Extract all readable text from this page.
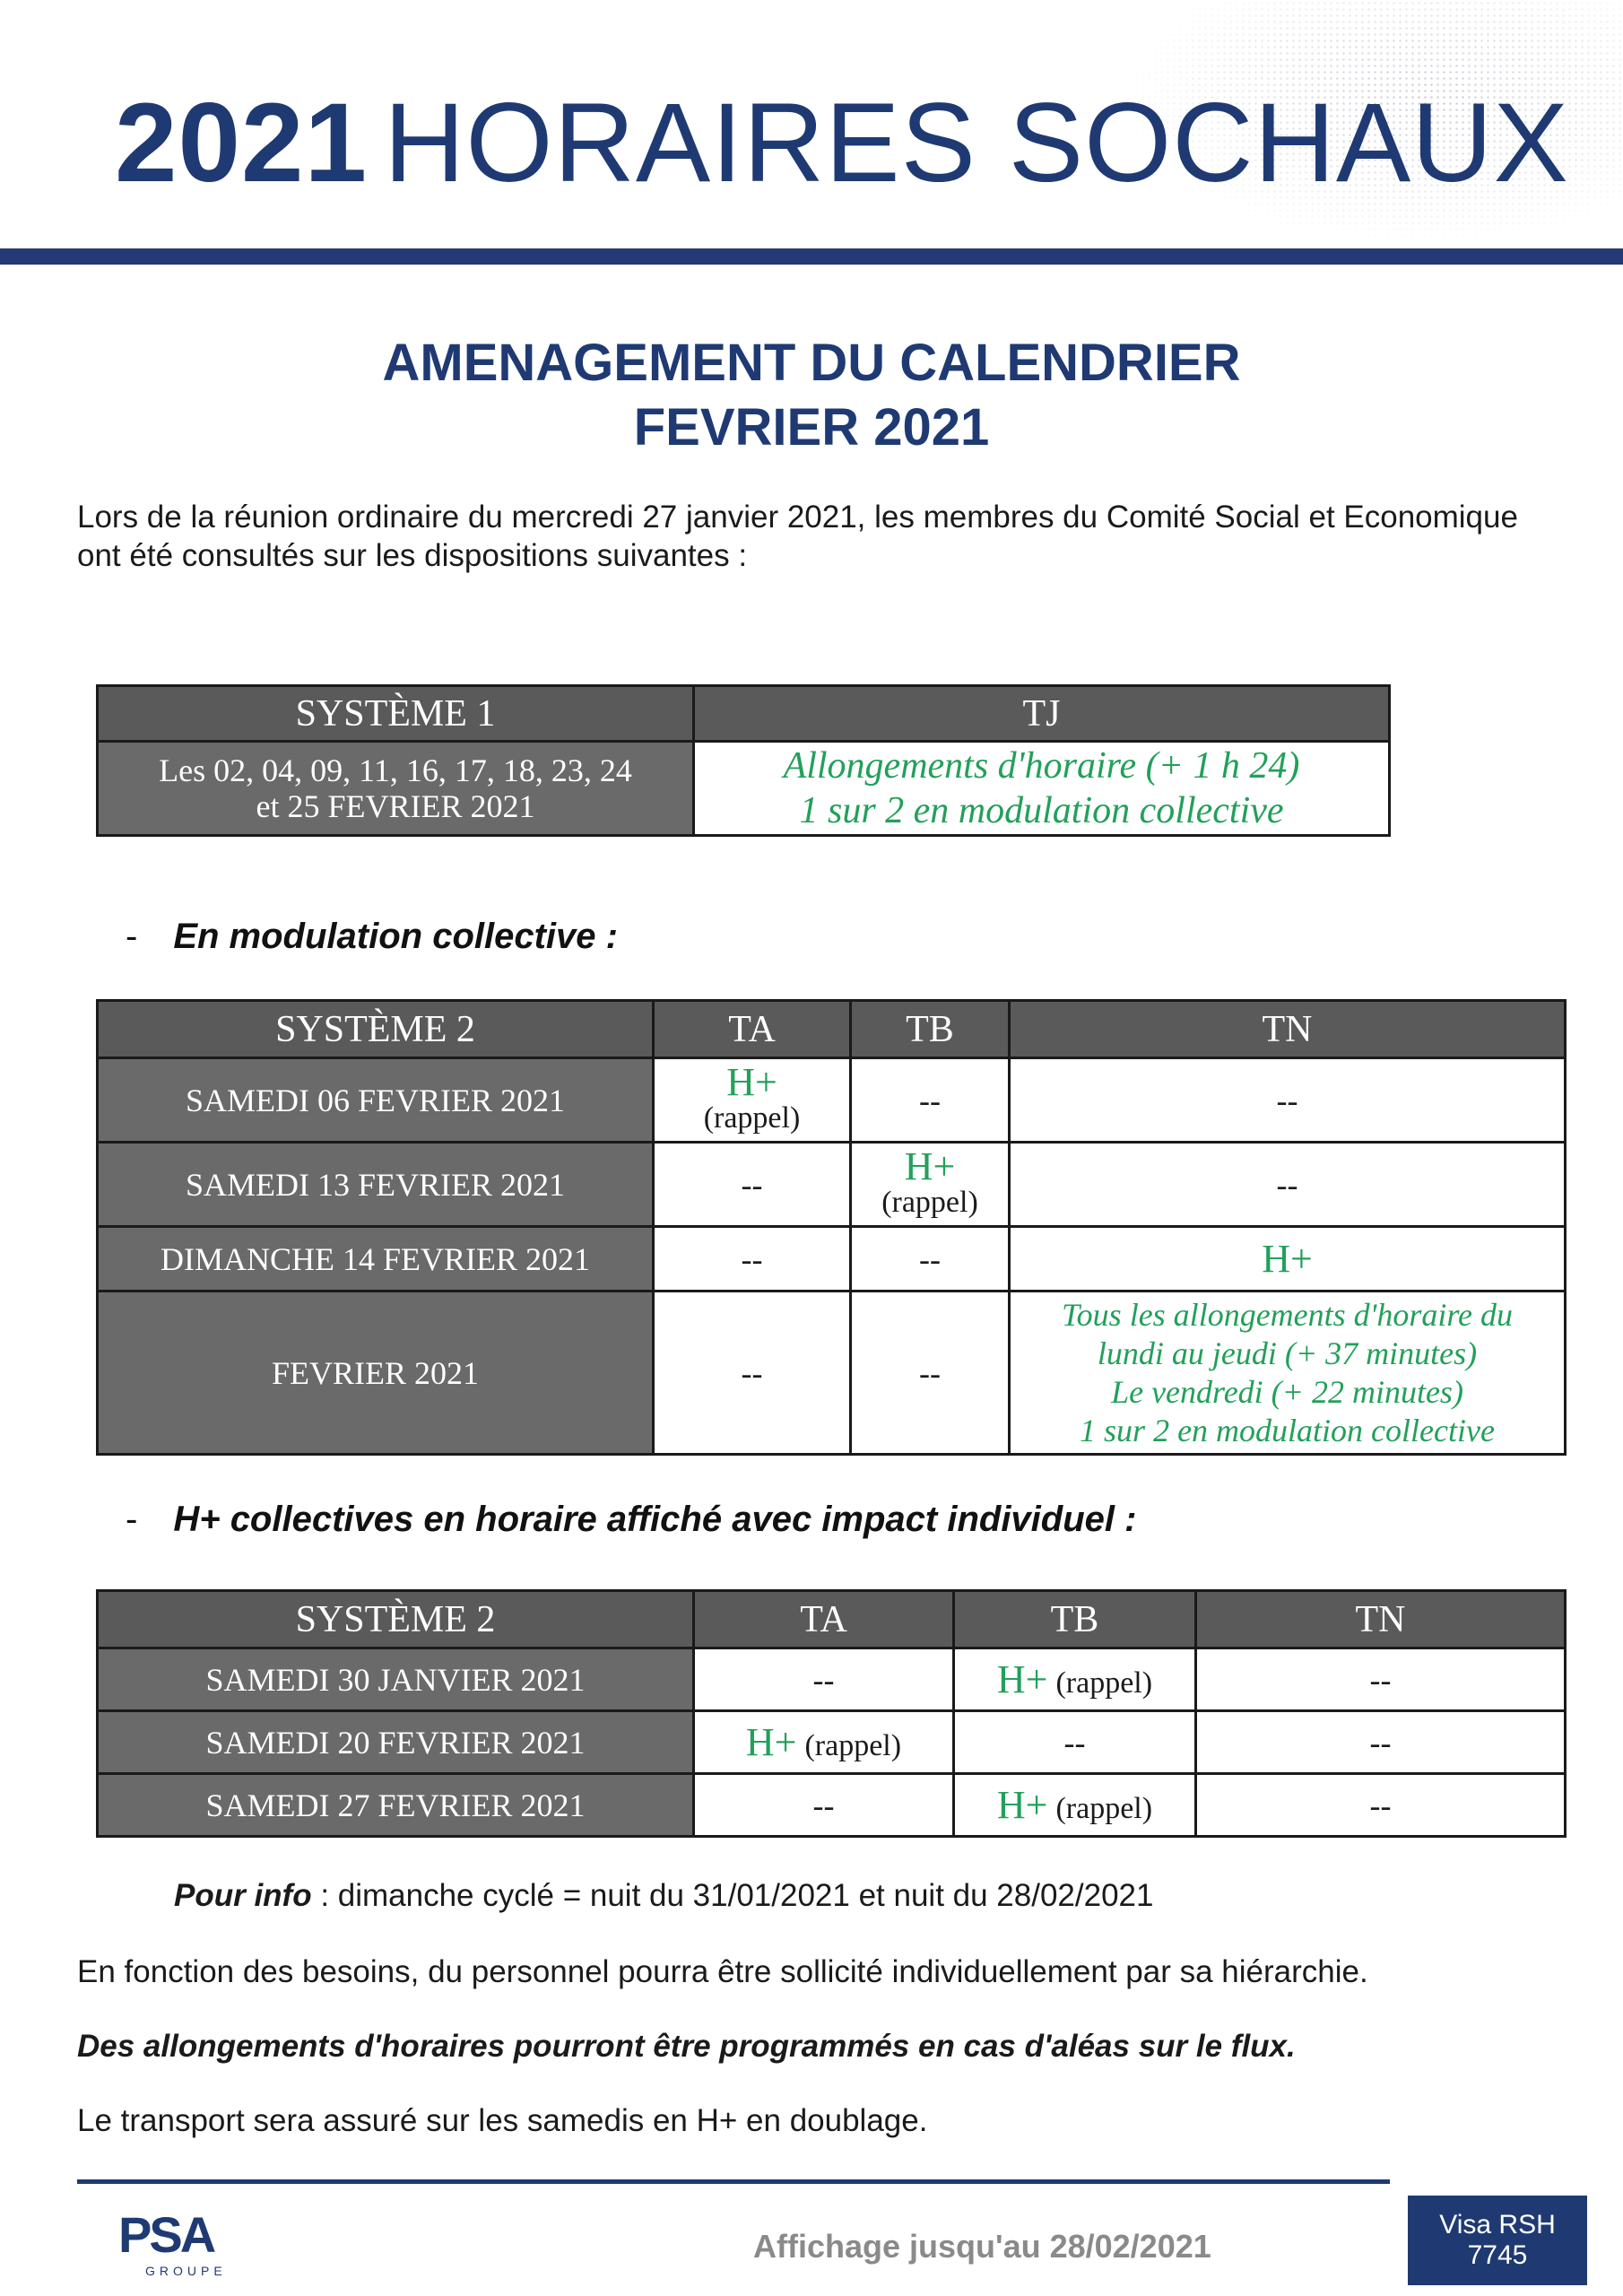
2021 HORAIRES SOCHAUX
AMENAGEMENT DU CALENDRIER
FEVRIER 2021
Lors de la réunion ordinaire du mercredi 27 janvier 2021, les membres du Comité Social et Economique ont été consultés sur les dispositions suivantes :
SYSTÈME 1	TJ

Les 02, 04, 09, 11, 16, 17, 18, 23, 24
et 25 FEVRIER 2021	Allongements d'horaire (+ 1 h 24)
1 sur 2 en modulation collective
- En modulation collective :
SYSTÈME 2	TA	TB	TN
SAMEDI 06 FEVRIER 2021	H+
(rappel)	--	--
SAMEDI 13 FEVRIER 2021	--	H+
(rappel)	--
DIMANCHE 14 FEVRIER 2021	--	--	H+
FEVRIER 2021	--	--	Tous les allongements d'horaire du
lundi au jeudi (+ 37 minutes)
Le vendredi (+ 22 minutes)
1 sur 2 en modulation collective
- H+ collectives en horaire affiché avec impact individuel :
SYSTÈME 2	TA	TB	TN
SAMEDI 30 JANVIER 2021	--	H+ (rappel)	--
SAMEDI 20 FEVRIER 2021	H+ (rappel)	--	--
SAMEDI 27 FEVRIER 2021	--	H+ (rappel)	--
Pour info : dimanche cyclé = nuit du 31/01/2021 et nuit du 28/02/2021
En fonction des besoins, du personnel pourra être sollicité individuellement par sa hiérarchie.
Des allongements d'horaires pourront être programmés en cas d'aléas sur le flux.
Le transport sera assuré sur les samedis en H+ en doublage.
PSA
GROUPE
Affichage jusqu'au 28/02/2021
Visa RSH
7745
